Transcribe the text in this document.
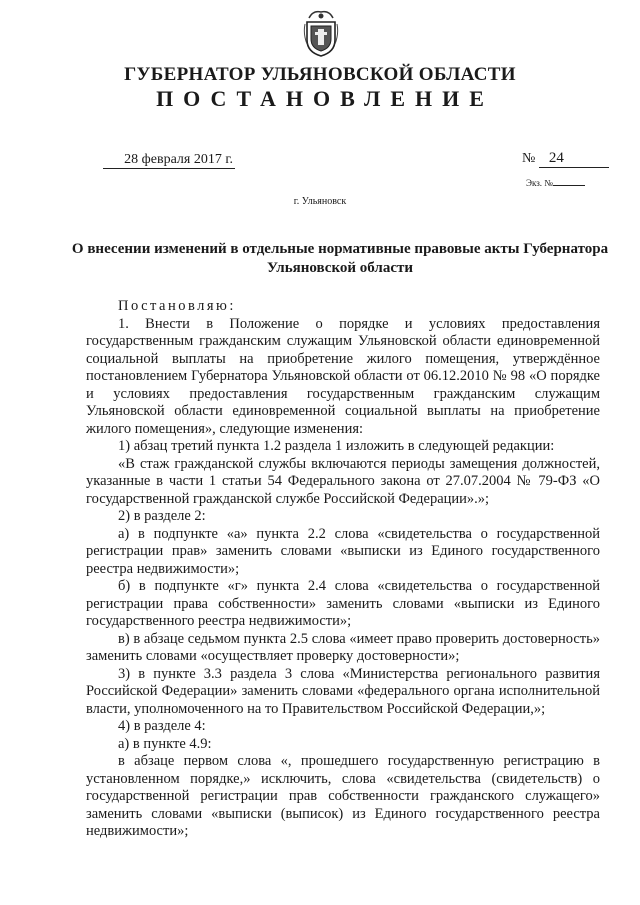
ГУБЕРНАТОР УЛЬЯНОВСКОЙ ОБЛАСТИ
ПОСТАНОВЛЕНИЕ
28 февраля 2017 г.	№ 24
Экз. №
г. Ульяновск
О внесении изменений в отдельные нормативные правовые акты Губернатора Ульяновской области

Постановляю:

1. Внести в Положение о порядке и условиях предоставления государственным гражданским служащим Ульяновской области единовременной социальной выплаты на приобретение жилого помещения, утверждённое постановлением Губернатора Ульяновской области от 06.12.2010 № 98 «О порядке и условиях предоставления государственным гражданским служащим Ульяновской области единовременной социальной выплаты на приобретение жилого помещения», следующие изменения:

1) абзац третий пункта 1.2 раздела 1 изложить в следующей редакции:

«В стаж гражданской службы включаются периоды замещения должностей, указанные в части 1 статьи 54 Федерального закона от 27.07.2004 № 79-ФЗ «О государственной гражданской службе Российской Федерации».»;

2) в разделе 2:

а) в подпункте «а» пункта 2.2 слова «свидетельства о государственной регистрации прав» заменить словами «выписки из Единого государственного реестра недвижимости»;

б) в подпункте «г» пункта 2.4 слова «свидетельства о государственной регистрации права собственности» заменить словами «выписки из Единого государственного реестра недвижимости»;

в) в абзаце седьмом пункта 2.5 слова «имеет право проверить достоверность» заменить словами «осуществляет проверку достоверности»;

3) в пункте 3.3 раздела 3 слова «Министерства регионального развития Российской Федерации» заменить словами «федерального органа исполнительной власти, уполномоченного на то Правительством Российской Федерации,»;

4) в разделе 4:

а) в пункте 4.9:

в абзаце первом слова «, прошедшего государственную регистрацию в установленном порядке,» исключить, слова «свидетельства (свидетельств) о государственной регистрации прав собственности гражданского служащего» заменить словами «выписки (выписок) из Единого государственного реестра недвижимости»;
